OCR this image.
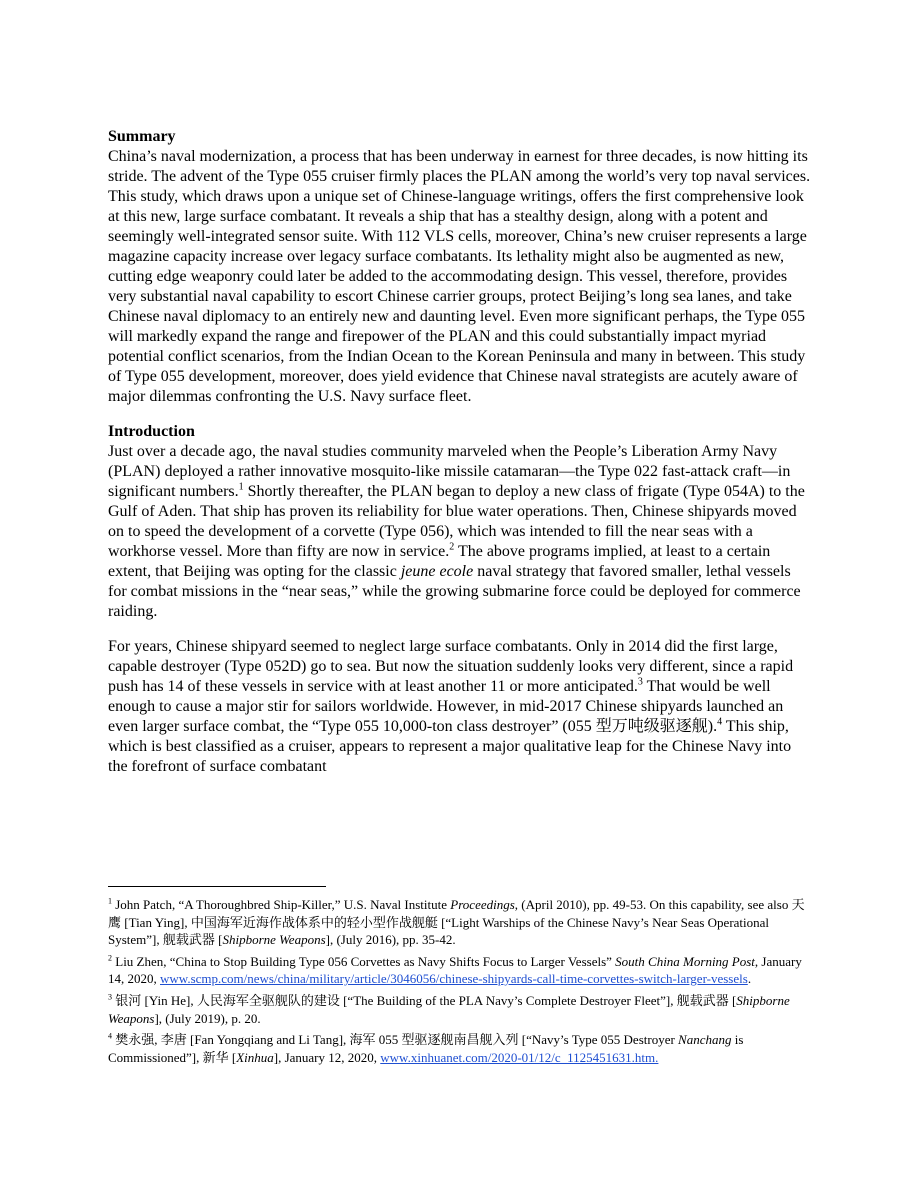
Summary

China’s naval modernization, a process that has been underway in earnest for three decades, is now hitting its stride. The advent of the Type 055 cruiser firmly places the PLAN among the world’s very top naval services. This study, which draws upon a unique set of Chinese-language writings, offers the first comprehensive look at this new, large surface combatant. It reveals a ship that has a stealthy design, along with a potent and seemingly well-integrated sensor suite. With 112 VLS cells, moreover, China’s new cruiser represents a large magazine capacity increase over legacy surface combatants. Its lethality might also be augmented as new, cutting edge weaponry could later be added to the accommodating design. This vessel, therefore, provides very substantial naval capability to escort Chinese carrier groups, protect Beijing’s long sea lanes, and take Chinese naval diplomacy to an entirely new and daunting level. Even more significant perhaps, the Type 055 will markedly expand the range and firepower of the PLAN and this could substantially impact myriad potential conflict scenarios, from the Indian Ocean to the Korean Peninsula and many in between. This study of Type 055 development, moreover, does yield evidence that Chinese naval strategists are acutely aware of major dilemmas confronting the U.S. Navy surface fleet.

Introduction

Just over a decade ago, the naval studies community marveled when the People’s Liberation Army Navy (PLAN) deployed a rather innovative mosquito-like missile catamaran—the Type 022 fast-attack craft—in significant numbers.$^1$ Shortly thereafter, the PLAN began to deploy a new class of frigate (Type 054A) to the Gulf of Aden. That ship has proven its reliability for blue water operations. Then, Chinese shipyards moved on to speed the development of a corvette (Type 056), which was intended to fill the near seas with a workhorse vessel. More than fifty are now in service.$^2$ The above programs implied, at least to a certain extent, that Beijing was opting for the classic jeune ecole naval strategy that favored smaller, lethal vessels for combat missions in the “near seas,” while the growing submarine force could be deployed for commerce raiding.

For years, Chinese shipyard seemed to neglect large surface combatants. Only in 2014 did the first large, capable destroyer (Type 052D) go to sea. But now the situation suddenly looks very different, since a rapid push has 14 of these vessels in service with at least another 11 or more anticipated.$^3$ That would be well enough to cause a major stir for sailors worldwide. However, in mid-2017 Chinese shipyards launched an even larger surface combat, the “Type 055 10,000-ton class destroyer” (055 型万吨级驱逐舰).$^4$ This ship, which is best classified as a cruiser, appears to represent a major qualitative leap for the Chinese Navy into the forefront of surface combatant

$^1$ John Patch, “A Thoroughbred Ship-Killer,” U.S. Naval Institute Proceedings, (April 2010), pp. 49-53. On this capability, see also 天鹰 [Tian Ying], 中国海军近海作战体系中的轻小型作战舰艇 [“Light Warships of the Chinese Navy’s Near Seas Operational System”], 舰载武器 [Shipborne Weapons], (July 2016), pp. 35-42.

$^2$ Liu Zhen, “China to Stop Building Type 056 Corvettes as Navy Shifts Focus to Larger Vessels” South China Morning Post, January 14, 2020, www.scmp.com/news/china/military/article/3046056/chinese-shipyards-call-time-corvettes-switch-larger-vessels.

$^3$ 银河 [Yin He], 人民海军全驱舰队的建设 [“The Building of the PLA Navy’s Complete Destroyer Fleet”], 舰载武器 [Shipborne Weapons], (July 2019), p. 20.

$^4$ 樊永强, 李唐 [Fan Yongqiang and Li Tang], 海军 055 型驱逐舰南昌舰入列 [“Navy’s Type 055 Destroyer Nanchang is Commissioned”], 新华 [Xinhua], January 12, 2020, www.xinhuanet.com/2020-01/12/c_1125451631.htm.
